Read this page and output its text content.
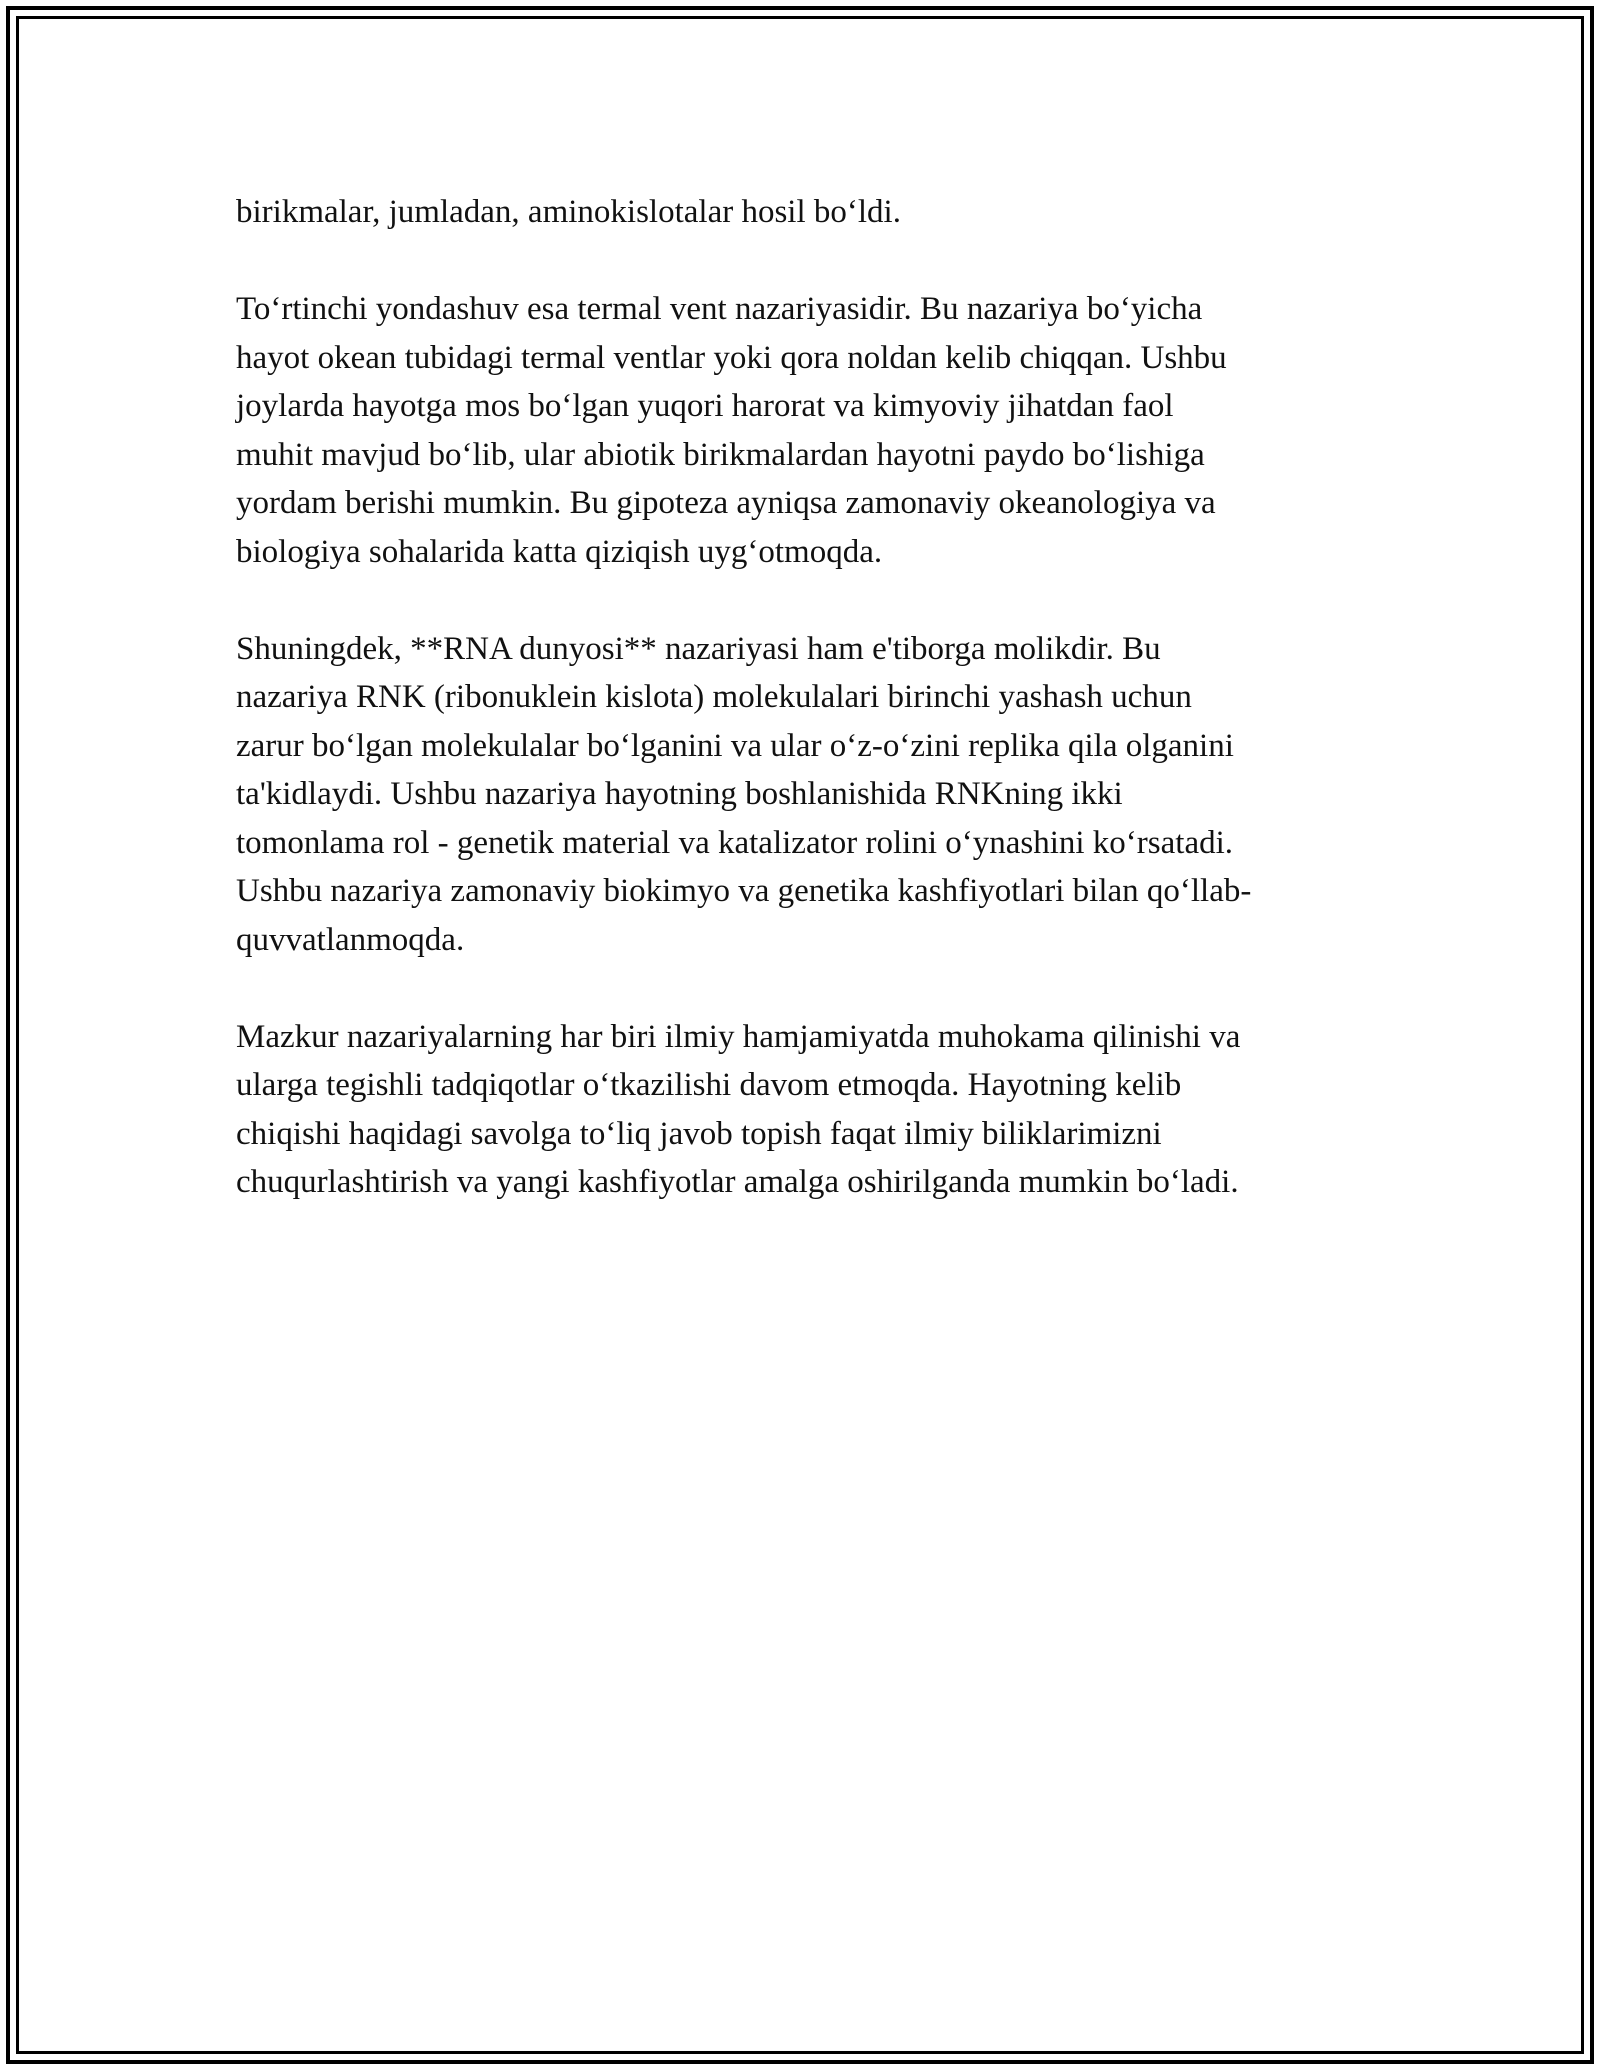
birikmalar, jumladan, aminokislotalar hosil bo‘ldi.

To‘rtinchi yondashuv esa termal vent nazariyasidir. Bu nazariya bo‘yicha
hayot okean tubidagi termal ventlar yoki qora noldan kelib chiqqan. Ushbu
joylarda hayotga mos bo‘lgan yuqori harorat va kimyoviy jihatdan faol
muhit mavjud bo‘lib, ular abiotik birikmalardan hayotni paydo bo‘lishiga
yordam berishi mumkin. Bu gipoteza ayniqsa zamonaviy okeanologiya va
biologiya sohalarida katta qiziqish uyg‘otmoqda.

Shuningdek, **RNA dunyosi** nazariyasi ham e'tiborga molikdir. Bu
nazariya RNK (ribonuklein kislota) molekulalari birinchi yashash uchun
zarur bo‘lgan molekulalar bo‘lganini va ular o‘z-o‘zini replika qila olganini
ta'kidlaydi. Ushbu nazariya hayotning boshlanishida RNKning ikki
tomonlama rol - genetik material va katalizator rolini o‘ynashini ko‘rsatadi.
Ushbu nazariya zamonaviy biokimyo va genetika kashfiyotlari bilan qo‘llab-
quvvatlanmoqda.

Mazkur nazariyalarning har biri ilmiy hamjamiyatda muhokama qilinishi va
ularga tegishli tadqiqotlar o‘tkazilishi davom etmoqda. Hayotning kelib
chiqishi haqidagi savolga to‘liq javob topish faqat ilmiy biliklarimizni
chuqurlashtirish va yangi kashfiyotlar amalga oshirilganda mumkin bo‘ladi.
